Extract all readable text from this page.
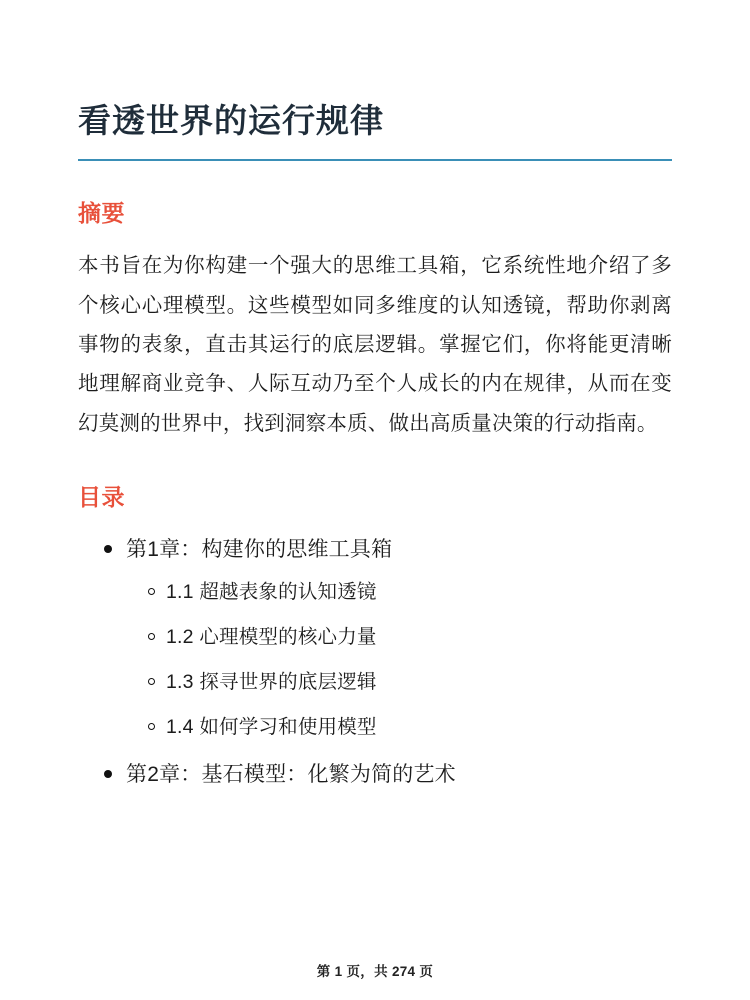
看透世界的运行规律
摘要

本书旨在为你构建一个强大的思维工具箱，它系统性地介绍了多个核心心理模型。这些模型如同多维度的认知透镜，帮助你剥离事物的表象，直击其运行的底层逻辑。掌握它们，你将能更清晰地理解商业竞争、人际互动乃至个人成长的内在规律，从而在变幻莫测的世界中，找到洞察本质、做出高质量决策的行动指南。

目录
第1章：构建你的思维工具箱
1.1 超越表象的认知透镜
1.2 心理模型的核心力量
1.3 探寻世界的底层逻辑
1.4 如何学习和使用模型
第2章：基石模型：化繁为简的艺术
第 1 页，共 274 页
